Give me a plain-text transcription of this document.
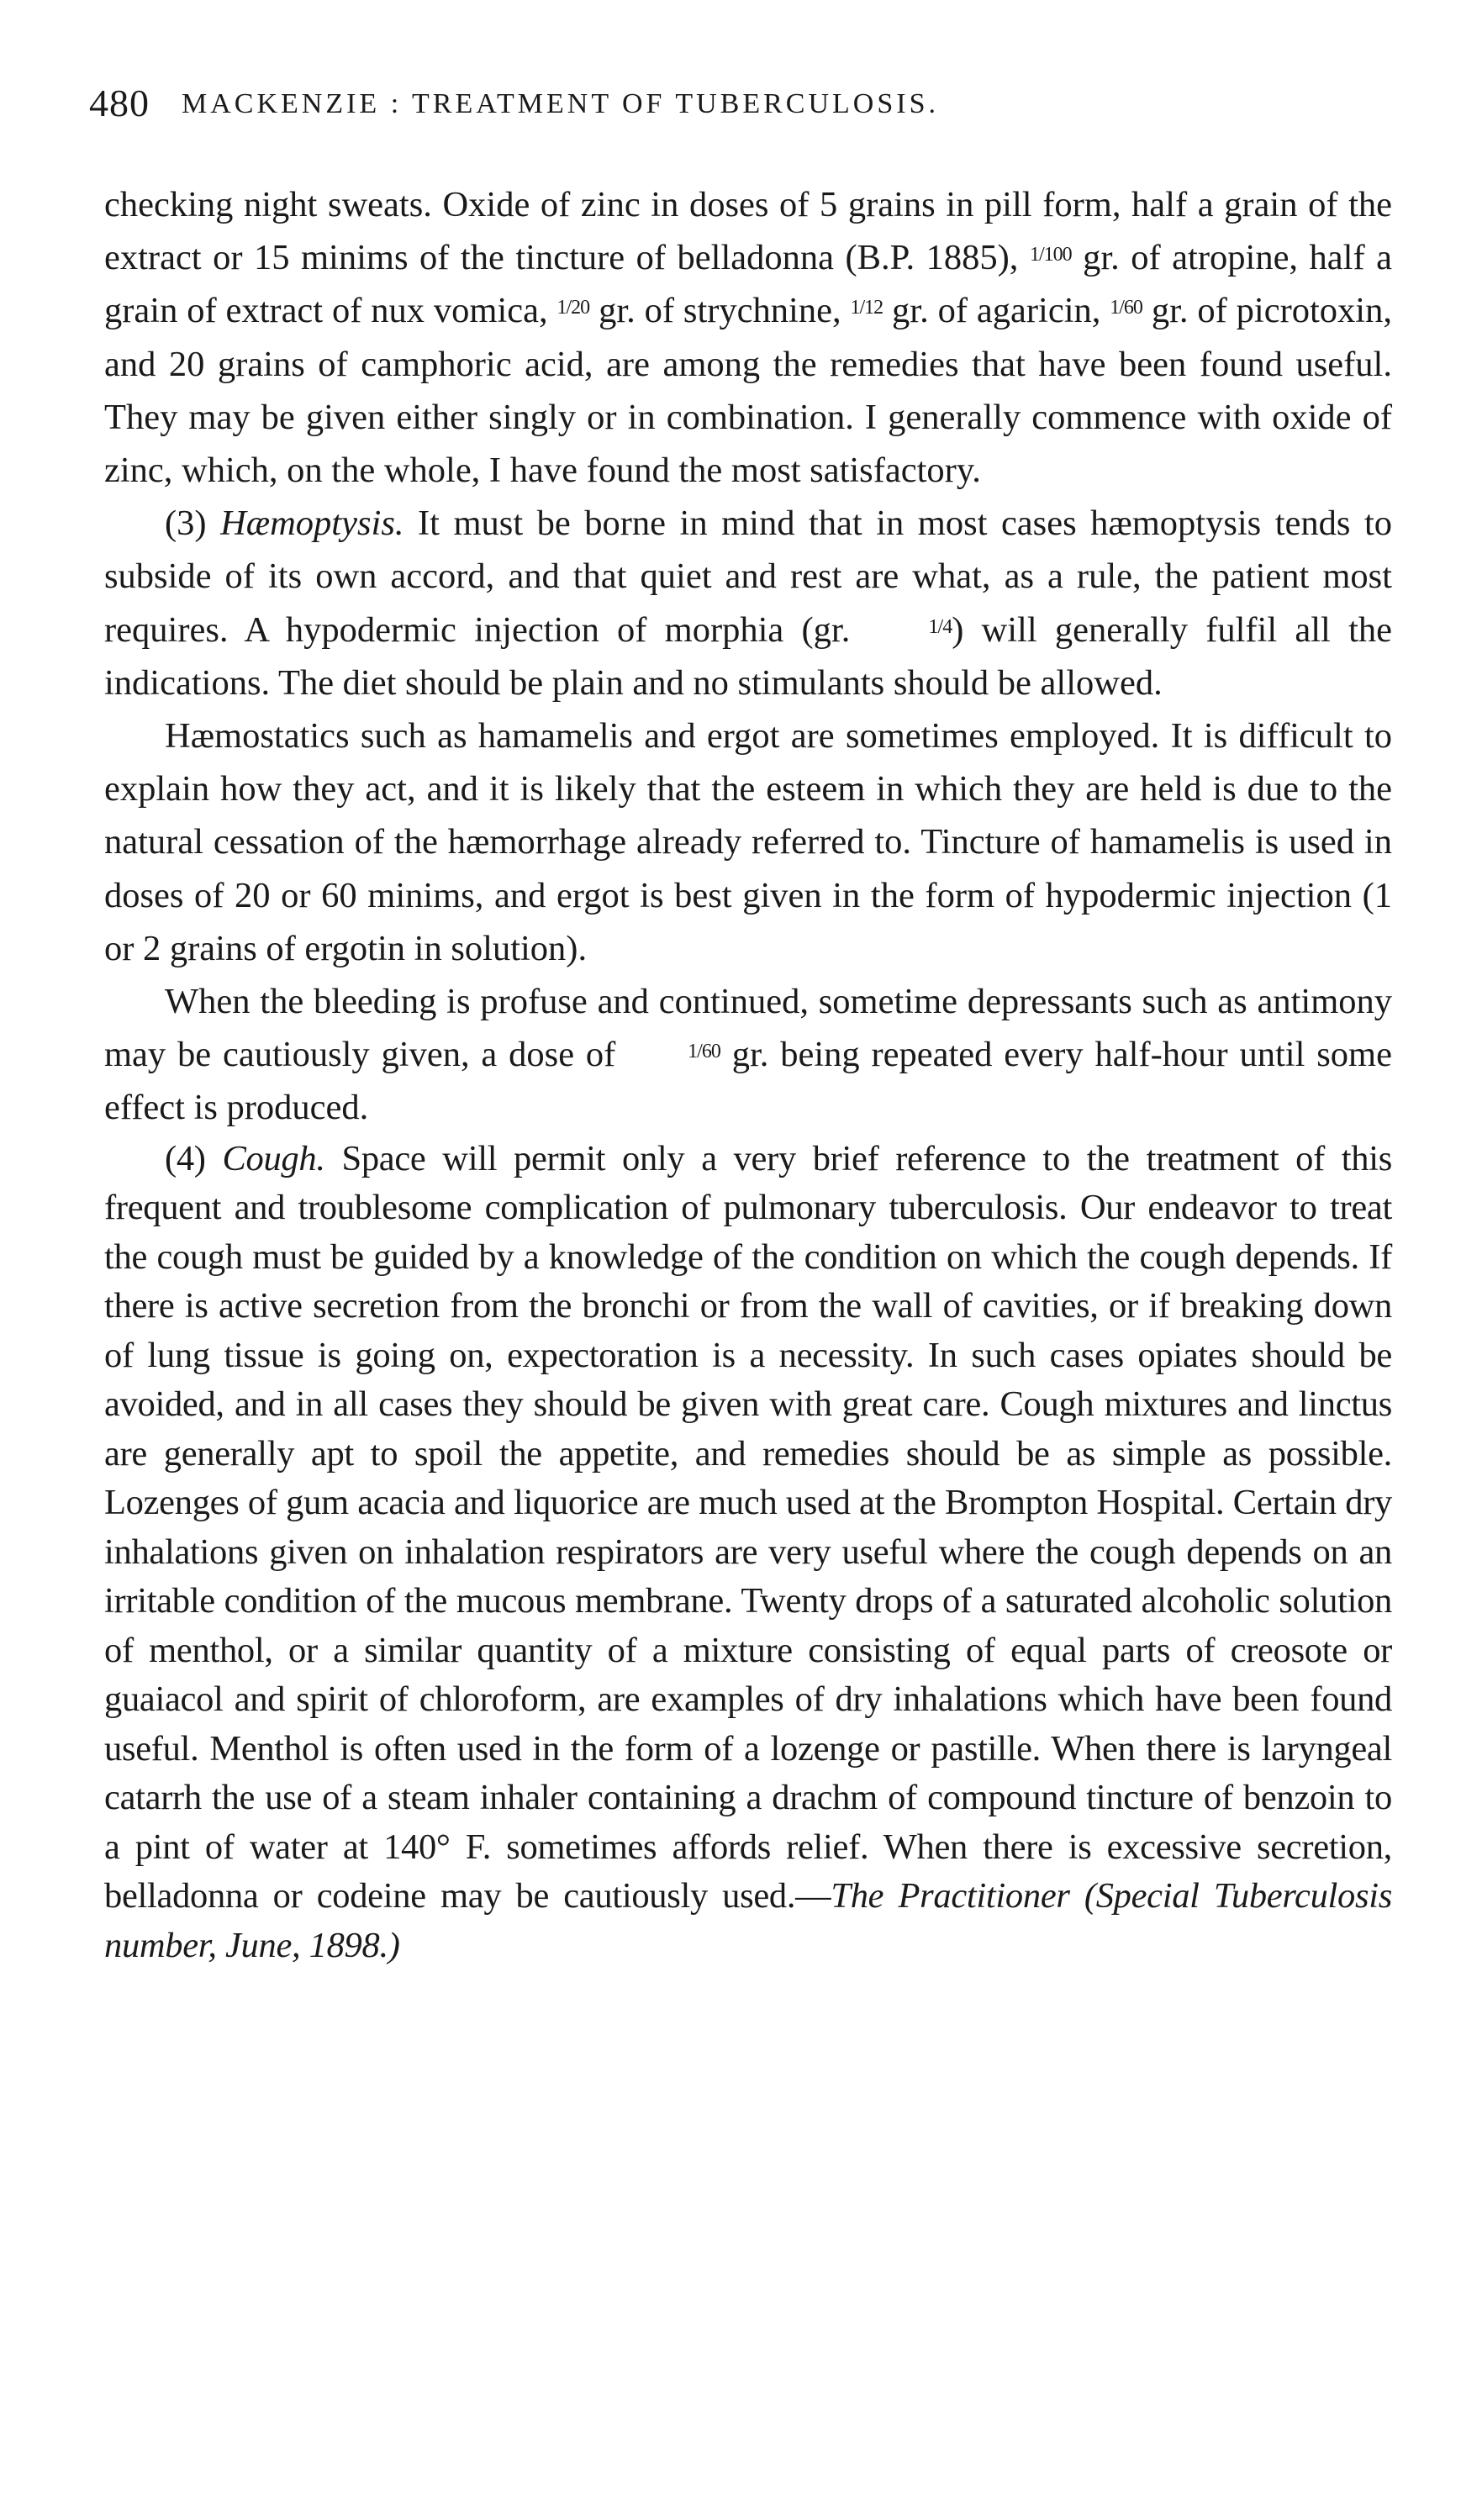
480 MACKENZIE : TREATMENT OF TUBERCULOSIS.

checking night sweats. Oxide of zinc in doses of 5 grains in pill form, half a grain of the extract or 15 minims of the tincture of belladonna (B.P. 1885), 1/100 gr. of atropine, half a grain of extract of nux vomica, 1/20 gr. of strychnine, 1/12 gr. of agaricin, 1/60 gr. of picrotoxin, and 20 grains of camphoric acid, are among the remedies that have been found useful. They may be given either singly or in combination. I generally commence with oxide of zinc, which, on the whole, I have found the most satisfactory.

(3) Hæmoptysis. It must be borne in mind that in most cases hæmoptysis tends to subside of its own accord, and that quiet and rest are what, as a rule, the patient most requires. A hypodermic injection of morphia (gr.	1/4) will generally fulfil all the indications. The diet should be plain and no stimulants should be allowed.

Hæmostatics such as hamamelis and ergot are sometimes employed. It is difficult to explain how they act, and it is likely that the esteem in which they are held is due to the natural cessation of the hæmorrhage already referred to. Tincture of hamamelis is used in doses of 20 or 60 minims, and ergot is best given in the form of hypodermic injection (1 or 2 grains of ergotin in solution).

When the bleeding is profuse and continued, sometime depressants such as antimony may be cautiously given, a dose of	1/60 gr. being repeated every half-hour until some effect is produced.

(4) Cough. Space will permit only a very brief reference to the treatment of this frequent and troublesome complication of pulmonary tuberculosis. Our endeavor to treat the cough must be guided by a knowledge of the condition on which the cough depends. If there is active secretion from the bronchi or from the wall of cavities, or if breaking down of lung tissue is going on, expectoration is a necessity. In such cases opiates should be avoided, and in all cases they should be given with great care. Cough mixtures and linctus are generally apt to spoil the appetite, and remedies should be as simple as possible. Lozenges of gum acacia and liquorice are much used at the Brompton Hospital. Certain dry inhalations given on inhalation respirators are very useful where the cough depends on an irritable condition of the mucous membrane. Twenty drops of a saturated alcoholic solution of menthol, or a similar quantity of a mixture consisting of equal parts of creosote or guaiacol and spirit of chloroform, are examples of dry inhalations which have been found useful. Menthol is often used in the form of a lozenge or pastille. When there is laryngeal catarrh the use of a steam inhaler containing a drachm of compound tincture of benzoin to a pint of water at 140° F. sometimes affords relief. When there is excessive secretion, belladonna or codeine may be cautiously used.—The Practitioner (Special Tuberculosis number, June, 1898.)
